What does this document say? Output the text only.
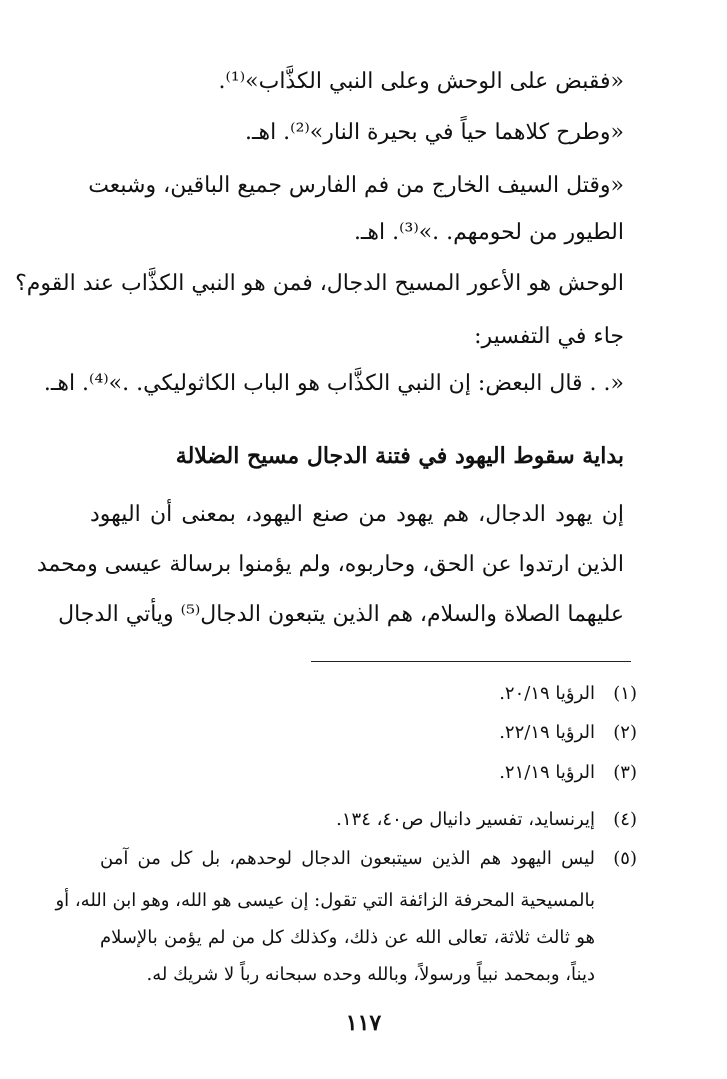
«فقبض على الوحش وعلى النبي الكذَّاب»⁽¹⁾.
«وطرح كلاهما حياً في بحيرة النار»⁽²⁾. اهـ.
«وقتل السيف الخارج من فم الفارس جميع الباقين، وشبعت
الطيور من لحومهم. .»⁽³⁾. اهـ.
الوحش هو الأعور المسيح الدجال، فمن هو النبي الكذَّاب عند القوم؟
جاء في التفسير:
«. . قال البعض: إن النبي الكذَّاب هو الباب الكاثوليكي. .»⁽⁴⁾. اهـ.
بداية سقوط اليهود في فتنة الدجال مسيح الضلالة
إن يهود الدجال، هم يهود من صنع اليهود، بمعنى أن اليهود
الذين ارتدوا عن الحق، وحاربوه، ولم يؤمنوا برسالة عيسى ومحمد
عليهما الصلاة والسلام، هم الذين يتبعون الدجال⁽⁵⁾ ويأتي الدجال
(١)الرؤيا ٢٠/١٩.
(٢)الرؤيا ٢٢/١٩.
(٣)الرؤيا ٢١/١٩.
(٤)إيرنسايد، تفسير دانيال ص٤٠، ١٣٤.
(٥)ليس اليهود هم الذين سيتبعون الدجال لوحدهم، بل كل من آمن
بالمسيحية المحرفة الزائفة التي تقول: إن عيسى هو الله، وهو ابن الله، أو
هو ثالث ثلاثة، تعالى الله عن ذلك، وكذلك كل من لم يؤمن بالإسلام
ديناً، وبمحمد نبياً ورسولاً، وبالله وحده سبحانه رباً لا شريك له.
١١٧
